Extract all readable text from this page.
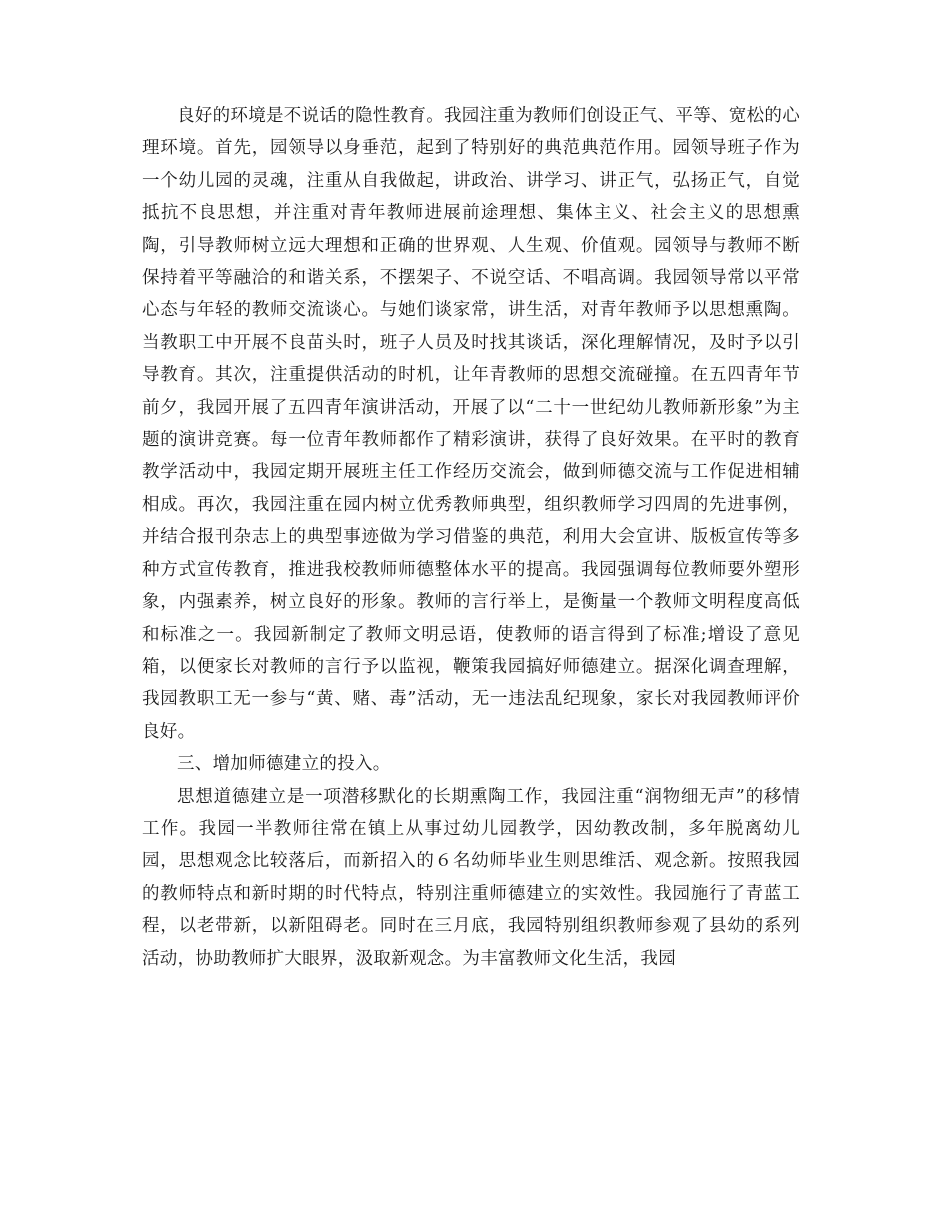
良好的环境是不说话的隐性教育。我园注重为教师们创设正气、平等、宽松的心理环境。首先，园领导以身垂范，起到了特别好的典范典范作用。园领导班子作为一个幼儿园的灵魂，注重从自我做起，讲政治、讲学习、讲正气，弘扬正气，自觉抵抗不良思想，并注重对青年教师进展前途理想、集体主义、社会主义的思想熏陶，引导教师树立远大理想和正确的世界观、人生观、价值观。园领导与教师不断保持着平等融洽的和谐关系，不摆架子、不说空话、不唱高调。我园领导常以平常心态与年轻的教师交流谈心。与她们谈家常，讲生活，对青年教师予以思想熏陶。当教职工中开展不良苗头时，班子人员及时找其谈话，深化理解情况，及时予以引导教育。其次，注重提供活动的时机，让年青教师的思想交流碰撞。在五四青年节前夕，我园开展了五四青年演讲活动，开展了以“二十一世纪幼儿教师新形象”为主题的演讲竞赛。每一位青年教师都作了精彩演讲，获得了良好效果。在平时的教育教学活动中，我园定期开展班主任工作经历交流会，做到师德交流与工作促进相辅相成。再次，我园注重在园内树立优秀教师典型，组织教师学习四周的先进事例，并结合报刊杂志上的典型事迹做为学习借鉴的典范，利用大会宣讲、版板宣传等多种方式宣传教育，推进我校教师师德整体水平的提高。我园强调每位教师要外塑形象，内强素养，树立良好的形象。教师的言行举上，是衡量一个教师文明程度高低和标准之一。我园新制定了教师文明忌语，使教师的语言得到了标准;增设了意见箱，以便家长对教师的言行予以监视，鞭策我园搞好师德建立。据深化调查理解，我园教职工无一参与“黄、赌、毒”活动，无一违法乱纪现象，家长对我园教师评价良好。

三、增加师德建立的投入。

思想道德建立是一项潜移默化的长期熏陶工作，我园注重“润物细无声”的移情工作。我园一半教师往常在镇上从事过幼儿园教学，因幼教改制，多年脱离幼儿园，思想观念比较落后，而新招入的６名幼师毕业生则思维活、观念新。按照我园的教师特点和新时期的时代特点，特别注重师德建立的实效性。我园施行了青蓝工程，以老带新，以新阻碍老。同时在三月底，我园特别组织教师参观了县幼的系列活动，协助教师扩大眼界，汲取新观念。为丰富教师文化生活，我园
